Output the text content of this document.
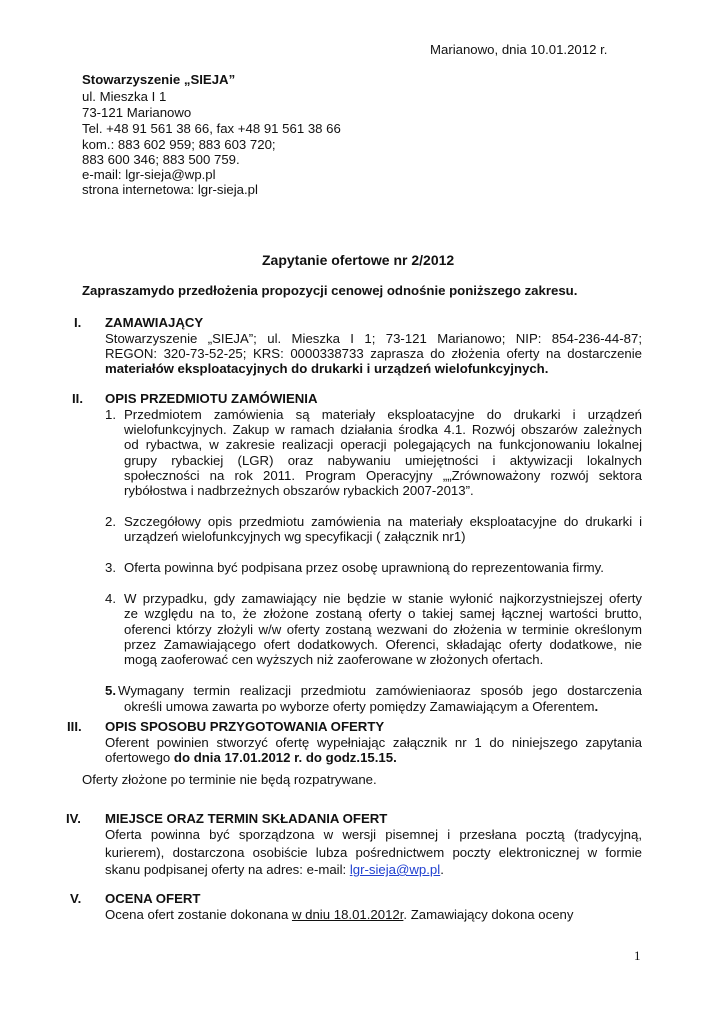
Marianowo, dnia 10.01.2012 r.
Stowarzyszenie „SIEJA”
ul. Mieszka I 1
73-121 Marianowo
Tel. +48 91 561 38 66, fax +48 91 561 38 66
kom.: 883 602 959; 883 603 720;
883 600 346; 883 500 759.
e-mail: lgr-sieja@wp.pl
strona internetowa: lgr-sieja.pl
Zapytanie ofertowe nr 2/2012
Zapraszamydo przedłożenia propozycji cenowej odnośnie poniższego zakresu.
I. ZAMAWIAJĄCY
Stowarzyszenie „SIEJA”; ul. Mieszka I 1; 73-121 Marianowo; NIP: 854-236-44-87;
REGON: 320-73-52-25; KRS: 0000338733 zaprasza do złożenia oferty na dostarczenie
materiałów eksploatacyjnych do drukarki i urządzeń wielofunkcyjnych.
II. OPIS PRZEDMIOTU ZAMÓWIENIA
1. Przedmiotem zamówienia są materiały eksploatacyjne do drukarki i urządzeń
wielofunkcyjnych. Zakup w ramach działania środka 4.1. Rozwój obszarów zależnych
od rybactwa, w zakresie realizacji operacji polegających na funkcjonowaniu lokalnej
grupy rybackiej (LGR) oraz nabywaniu umiejętności i aktywizacji lokalnych
społeczności na rok 2011. Program Operacyjny „„Zrównoważony rozwój sektora
rybółostwa i nadbrzeżnych obszarów rybackich 2007-2013”.
2. Szczegółowy opis przedmiotu zamówienia na materiały eksploatacyjne do drukarki i
urządzeń wielofunkcyjnych wg specyfikacji ( załącznik nr1)
3. Oferta powinna być podpisana przez osobę uprawnioną do reprezentowania firmy.
4. W przypadku, gdy zamawiający nie będzie w stanie wyłonić najkorzystniejszej oferty
ze względu na to, że złożone zostaną oferty o takiej samej łącznej wartości brutto,
oferenci którzy złożyli w/w oferty zostaną wezwani do złożenia w terminie określonym
przez Zamawiającego ofert dodatkowych. Oferenci, składając oferty dodatkowe, nie
mogą zaoferować cen wyższych niż zaoferowane w złożonych ofertach.
5. Wymagany termin realizacji przedmiotu zamówieniaoraz sposób jego dostarczenia
określi umowa zawarta po wyborze oferty pomiędzy Zamawiającym a Oferentem.
III. OPIS SPOSOBU PRZYGOTOWANIA OFERTY
Oferent powinien stworzyć ofertę wypełniając załącznik nr 1 do niniejszego zapytania
ofertowego do dnia 17.01.2012 r. do godz.15.15.
Oferty złożone po terminie nie będą rozpatrywane.
IV. MIEJSCE ORAZ TERMIN SKŁADANIA OFERT
Oferta powinna być sporządzona w wersji pisemnej i przesłana pocztą (tradycyjną,
kurierem), dostarczona osobiście lubza pośrednictwem poczty elektronicznej w formie
skanu podpisanej oferty na adres: e-mail: lgr-sieja@wp.pl.
V. OCENA OFERT
Ocena ofert zostanie dokonana w dniu 18.01.2012r. Zamawiający dokona oceny
1
